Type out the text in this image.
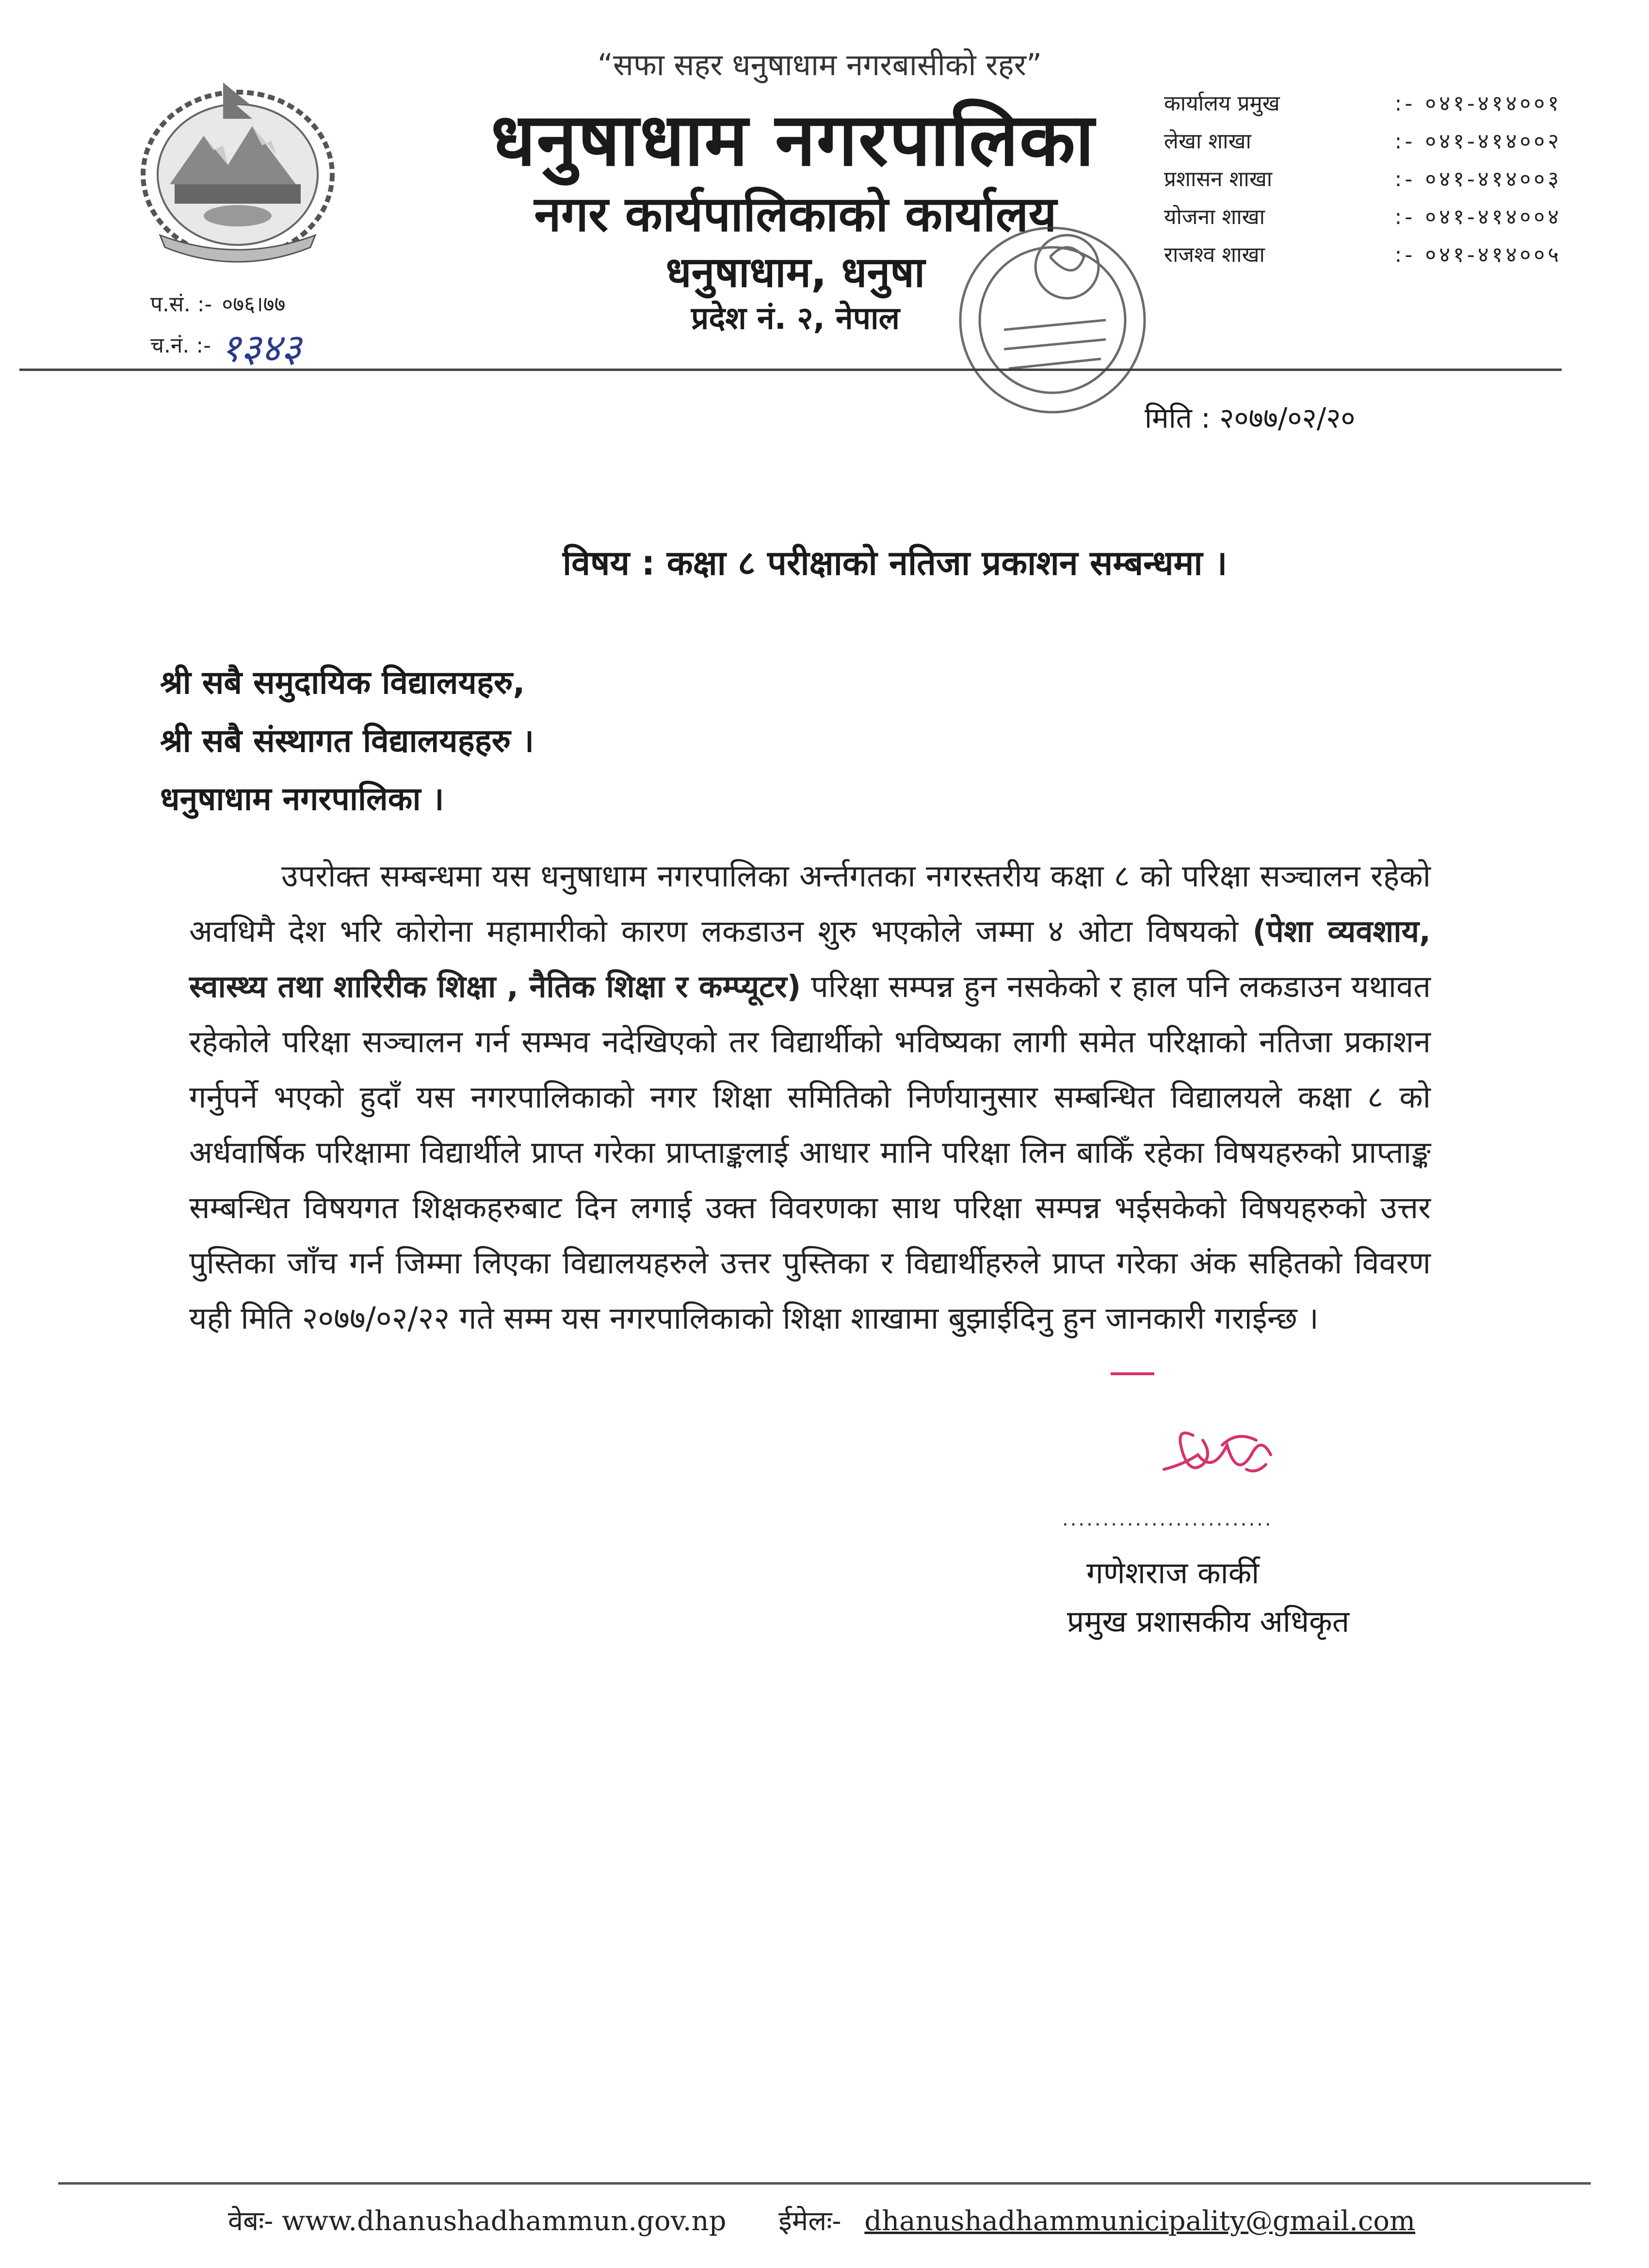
“सफा सहर धनुषाधाम नगरबासीको रहर”
धनुषाधाम नगरपालिका
नगर कार्यपालिकाको कार्यालय
धनुषाधाम, धनुषा
प्रदेश नं. २, नेपाल
प.सं. :- ०७६।७७
च.नं. :- १३४३
कार्यालय प्रमुख	:- ०४१-४१४००१
लेखा शाखा	:- ०४१-४१४००२
प्रशासन शाखा	:- ०४१-४१४००३
योजना शाखा	:- ०४१-४१४००४
राजश्व शाखा	:- ०४१-४१४००५
मिति : २०७७/०२/२०
विषय : कक्षा ८ परीक्षाको नतिजा प्रकाशन सम्बन्धमा ।
श्री सबै समुदायिक विद्यालयहरु,
श्री सबै संस्थागत विद्यालयहहरु ।
धनुषाधाम नगरपालिका ।
उपरोक्त सम्बन्धमा यस धनुषाधाम नगरपालिका अर्न्तगतका नगरस्तरीय कक्षा ८ को परिक्षा सञ्चालन रहेको अवधिमै देश भरि कोरोना महामारीको कारण लकडाउन शुरु भएकोले जम्मा ४ ओटा विषयको (पेशा व्यवशाय, स्वास्थ्य तथा शारिरीक शिक्षा , नैतिक शिक्षा र कम्प्यूटर) परिक्षा सम्पन्न हुन नसकेको र हाल पनि लकडाउन यथावत रहेकोले परिक्षा सञ्चालन गर्न सम्भव नदेखिएको तर विद्यार्थीको भविष्यका लागी समेत परिक्षाको नतिजा प्रकाशन गर्नुपर्ने भएको हुदाँ यस नगरपालिकाको नगर शिक्षा समितिको निर्णयानुसार सम्बन्धित विद्यालयले कक्षा ८ को अर्धवार्षिक परिक्षामा विद्यार्थीले प्राप्त गरेका प्राप्ताङ्कलाई आधार मानि परिक्षा लिन बाकिँ रहेका विषयहरुको प्राप्ताङ्क सम्बन्धित विषयगत शिक्षकहरुबाट दिन लगाई उक्त विवरणका साथ परिक्षा सम्पन्न भईसकेको विषयहरुको उत्तर पुस्तिका जाँच गर्न जिम्मा लिएका विद्यालयहरुले उत्तर पुस्तिका र विद्यार्थीहरुले प्राप्त गरेका अंक सहितको विवरण यही मिति २०७७/०२/२२ गते सम्म यस नगरपालिकाको शिक्षा शाखामा बुझाईदिनु हुन जानकारी गराईन्छ ।
..........................
गणेशराज कार्की
प्रमुख प्रशासकीय अधिकृत
वेबः- www.dhanushadhammun.gov.np ईमेलः- dhanushadhammunicipality@gmail.com
